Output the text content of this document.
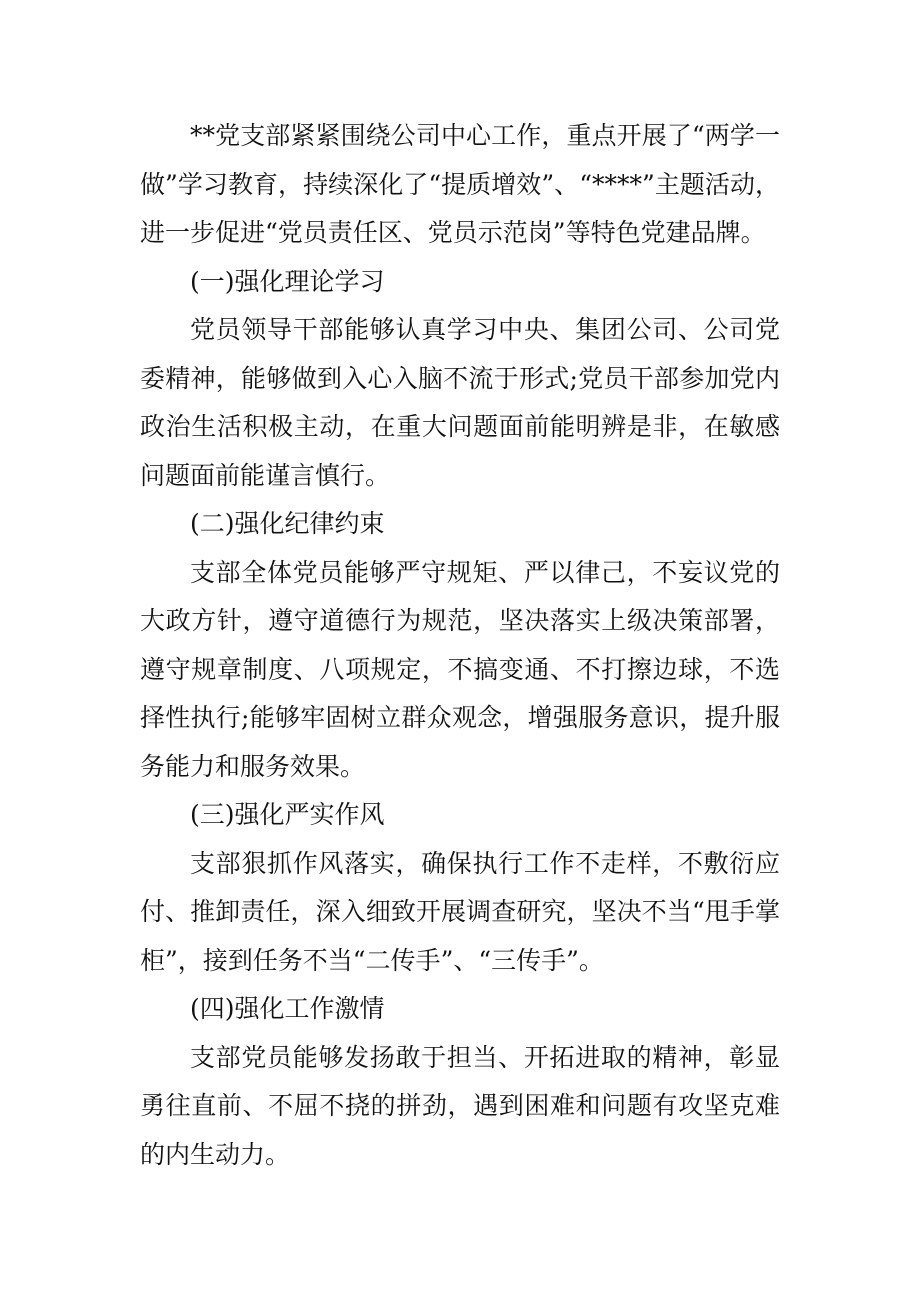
**党支部紧紧围绕公司中心工作，重点开展了“两学一做”学习教育，持续深化了“提质增效”、“****”主题活动，进一步促进“党员责任区、党员示范岗”等特色党建品牌。

(一)强化理论学习

党员领导干部能够认真学习中央、集团公司、公司党委精神，能够做到入心入脑不流于形式;党员干部参加党内政治生活积极主动，在重大问题面前能明辨是非，在敏感问题面前能谨言慎行。

(二)强化纪律约束

支部全体党员能够严守规矩、严以律己，不妄议党的大政方针，遵守道德行为规范，坚决落实上级决策部署，遵守规章制度、八项规定，不搞变通、不打擦边球，不选择性执行;能够牢固树立群众观念，增强服务意识，提升服务能力和服务效果。

(三)强化严实作风

支部狠抓作风落实，确保执行工作不走样，不敷衍应付、推卸责任，深入细致开展调查研究，坚决不当“甩手掌柜”，接到任务不当“二传手”、“三传手”。

(四)强化工作激情

支部党员能够发扬敢于担当、开拓进取的精神，彰显勇往直前、不屈不挠的拼劲，遇到困难和问题有攻坚克难的内生动力。
